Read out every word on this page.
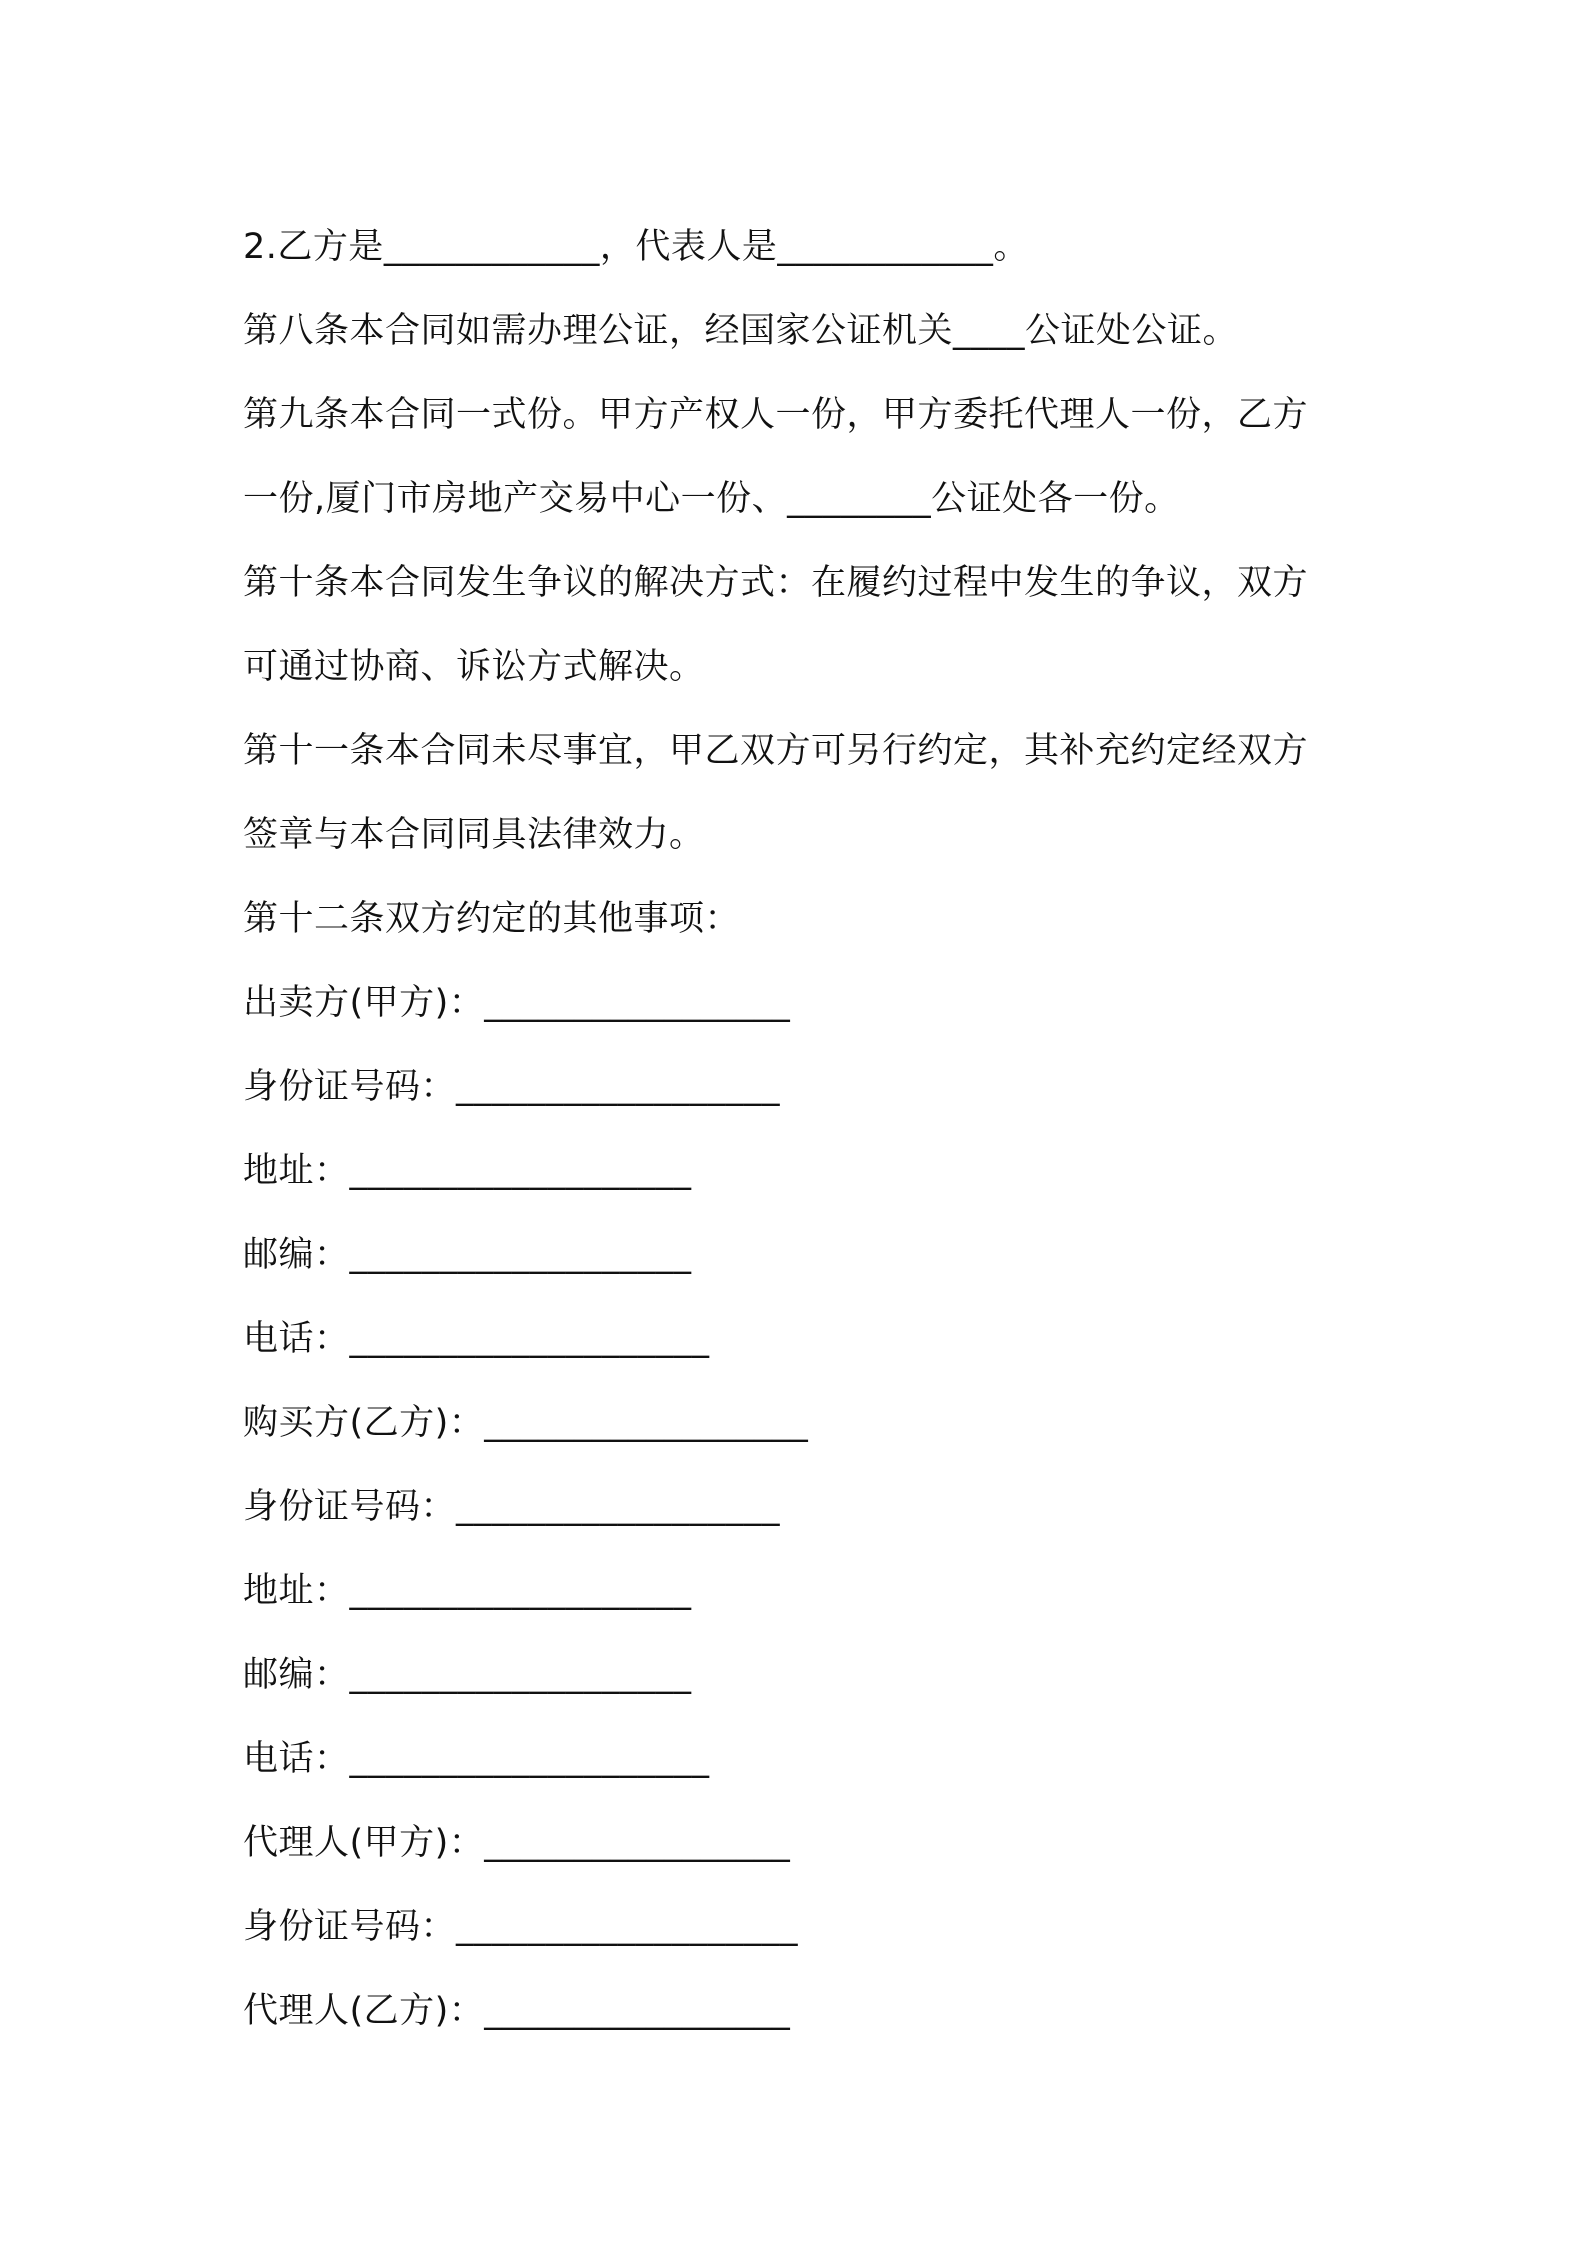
2.乙方是____________，代表人是____________。
第八条本合同如需办理公证，经国家公证机关____公证处公证。
第九条本合同一式份。甲方产权人一份，甲方委托代理人一份，乙方
一份,厦门市房地产交易中心一份、________公证处各一份。
第十条本合同发生争议的解决方式：在履约过程中发生的争议，双方
可通过协商、诉讼方式解决。
第十一条本合同未尽事宜，甲乙双方可另行约定，其补充约定经双方
签章与本合同同具法律效力。
第十二条双方约定的其他事项：
出卖方(甲方)：_________________
身份证号码：__________________
地址：___________________
邮编：___________________
电话：____________________
购买方(乙方)：__________________
身份证号码：__________________
地址：___________________
邮编：___________________
电话：____________________
代理人(甲方)：_________________
身份证号码：___________________
代理人(乙方)：_________________
